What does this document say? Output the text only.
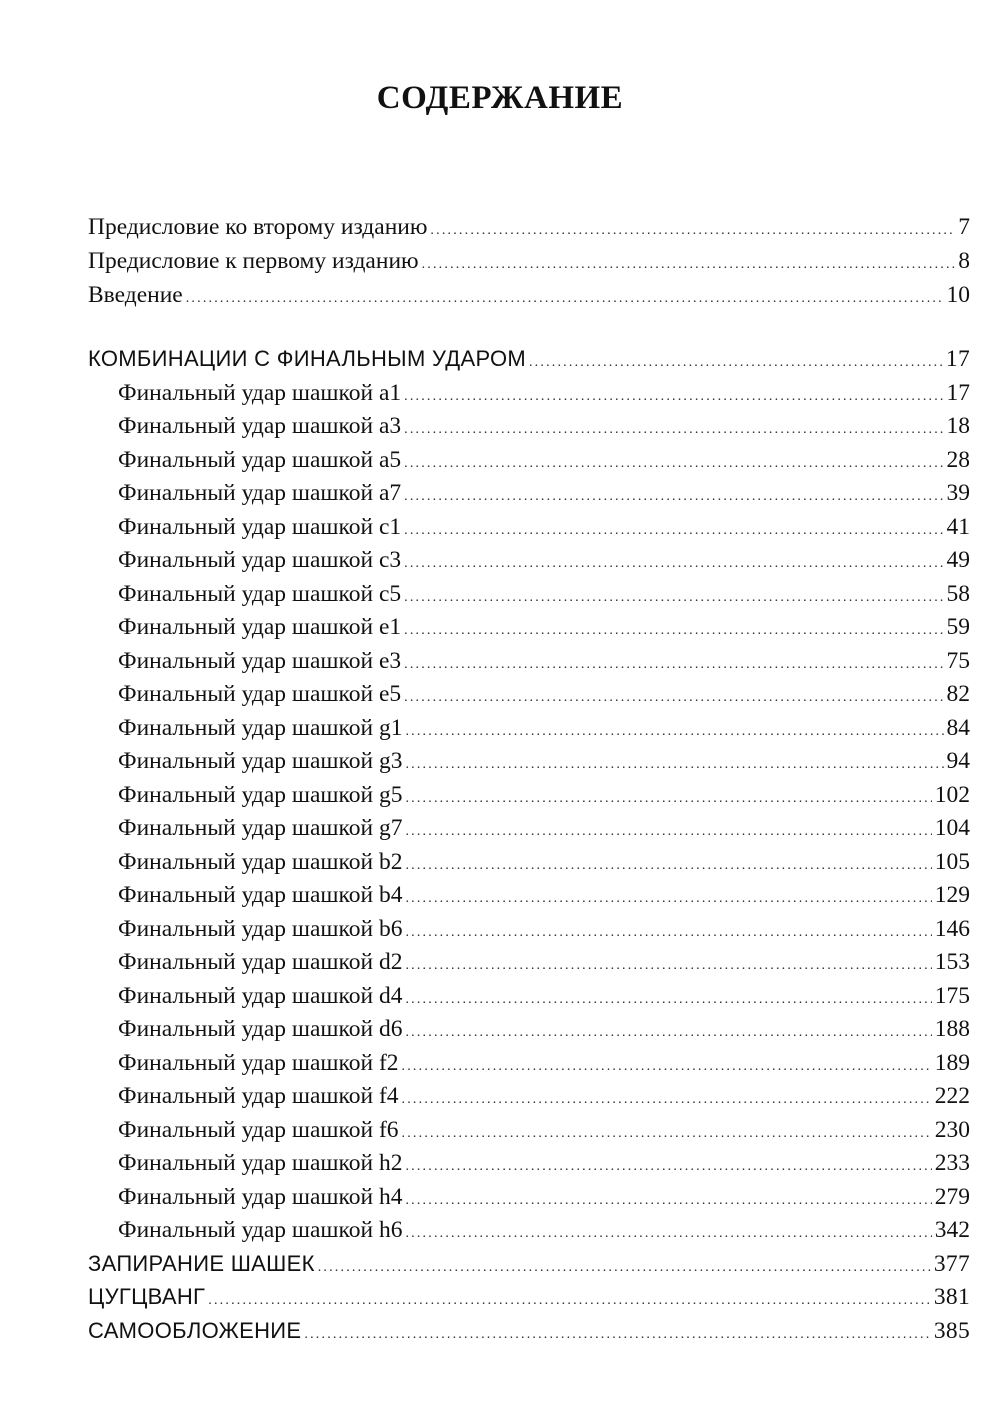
СОДЕРЖАНИЕ
Предисловие ко второму изданию .....	7
Предисловие к первому изданию .....	8
Введение .....	10
КОМБИНАЦИИ С ФИНАЛЬНЫМ УДАРОМ .....	17
Финальный удар шашкой а1 .....	17
Финальный удар шашкой а3 .....	18
Финальный удар шашкой а5 .....	28
Финальный удар шашкой а7 .....	39
Финальный удар шашкой с1 .....	41
Финальный удар шашкой с3 .....	49
Финальный удар шашкой с5 .....	58
Финальный удар шашкой е1 .....	59
Финальный удар шашкой е3 .....	75
Финальный удар шашкой е5 .....	82
Финальный удар шашкой g1 .....	84
Финальный удар шашкой g3 .....	94
Финальный удар шашкой g5 .....	102
Финальный удар шашкой g7 .....	104
Финальный удар шашкой b2 .....	105
Финальный удар шашкой b4 .....	129
Финальный удар шашкой b6 .....	146
Финальный удар шашкой d2 .....	153
Финальный удар шашкой d4 .....	175
Финальный удар шашкой d6 .....	188
Финальный удар шашкой f2 .....	189
Финальный удар шашкой f4 .....	222
Финальный удар шашкой f6 .....	230
Финальный удар шашкой h2 .....	233
Финальный удар шашкой h4 .....	279
Финальный удар шашкой h6 .....	342
ЗАПИРАНИЕ ШАШЕК .....	377
ЦУГЦВАНГ .....	381
САМООБЛОЖЕНИЕ .....	385
